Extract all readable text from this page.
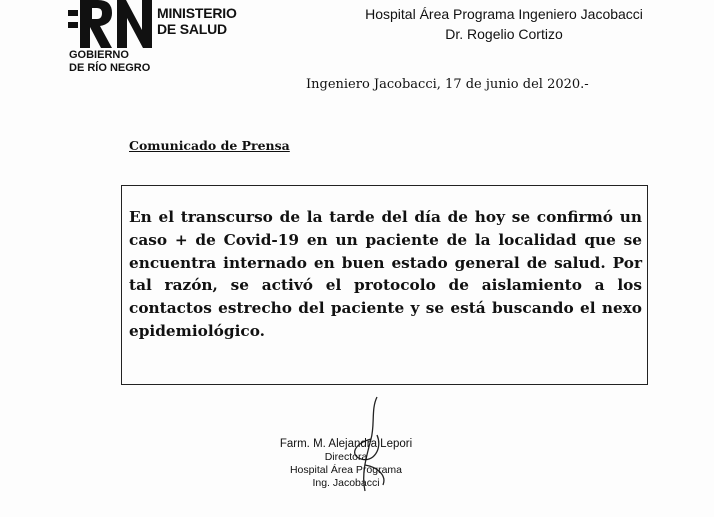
MINISTERIO
DE SALUD
GOBIERNO
DE RÍO NEGRO
Hospital Área Programa Ingeniero Jacobacci
Dr. Rogelio Cortizo
Ingeniero Jacobacci, 17 de junio del 2020.-
Comunicado de Prensa

En el transcurso de la tarde del día de hoy se confirmó un caso + de Covid-19 en un paciente de la localidad que se encuentra internado en buen estado general de salud. Por tal razón, se activó el protocolo de aislamiento a los contactos estrecho del paciente y se está buscando el nexo epidemiológico.

Farm. M. Alejandra Lepori
Directora
Hospital Área Programa
Ing. Jacobacci
